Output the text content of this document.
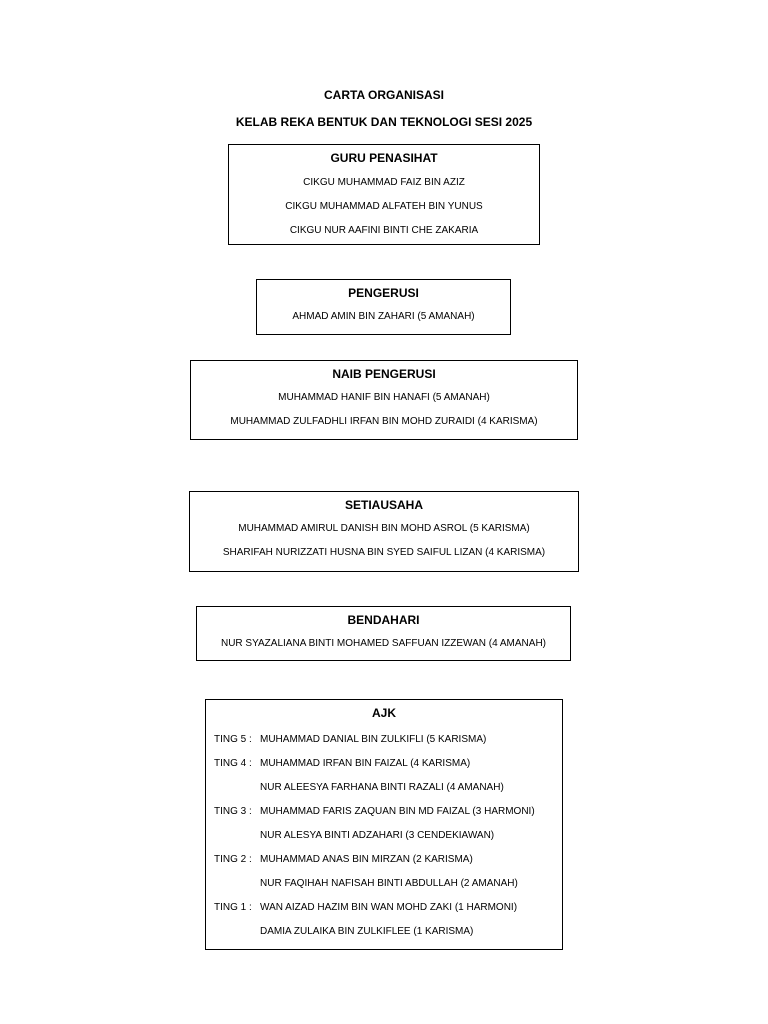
CARTA ORGANISASI
KELAB REKA BENTUK DAN TEKNOLOGI SESI 2025
GURU PENASIHAT
CIKGU MUHAMMAD FAIZ BIN AZIZ
CIKGU MUHAMMAD ALFATEH BIN YUNUS
CIKGU NUR AAFINI BINTI CHE ZAKARIA
PENGERUSI
AHMAD AMIN BIN ZAHARI (5 AMANAH)
NAIB PENGERUSI
MUHAMMAD HANIF BIN HANAFI (5 AMANAH)
MUHAMMAD ZULFADHLI IRFAN BIN MOHD ZURAIDI (4 KARISMA)
SETIAUSAHA
MUHAMMAD AMIRUL DANISH BIN MOHD ASROL (5 KARISMA)
SHARIFAH NURIZZATI HUSNA BIN SYED SAIFUL LIZAN (4 KARISMA)
BENDAHARI
NUR SYAZALIANA BINTI MOHAMED SAFFUAN IZZEWAN (4 AMANAH)
AJK
TING 5 : MUHAMMAD DANIAL BIN ZULKIFLI (5 KARISMA)
TING 4 : MUHAMMAD IRFAN BIN FAIZAL (4 KARISMA)
NUR ALEESYA FARHANA BINTI RAZALI (4 AMANAH)
TING 3 : MUHAMMAD FARIS ZAQUAN BIN MD FAIZAL (3 HARMONI)
NUR ALESYA BINTI ADZAHARI (3 CENDEKIAWAN)
TING 2 : MUHAMMAD ANAS BIN MIRZAN (2 KARISMA)
NUR FAQIHAH NAFISAH BINTI ABDULLAH (2 AMANAH)
TING 1 : WAN AIZAD HAZIM BIN WAN MOHD ZAKI (1 HARMONI)
DAMIA ZULAIKA BIN ZULKIFLEE (1 KARISMA)
